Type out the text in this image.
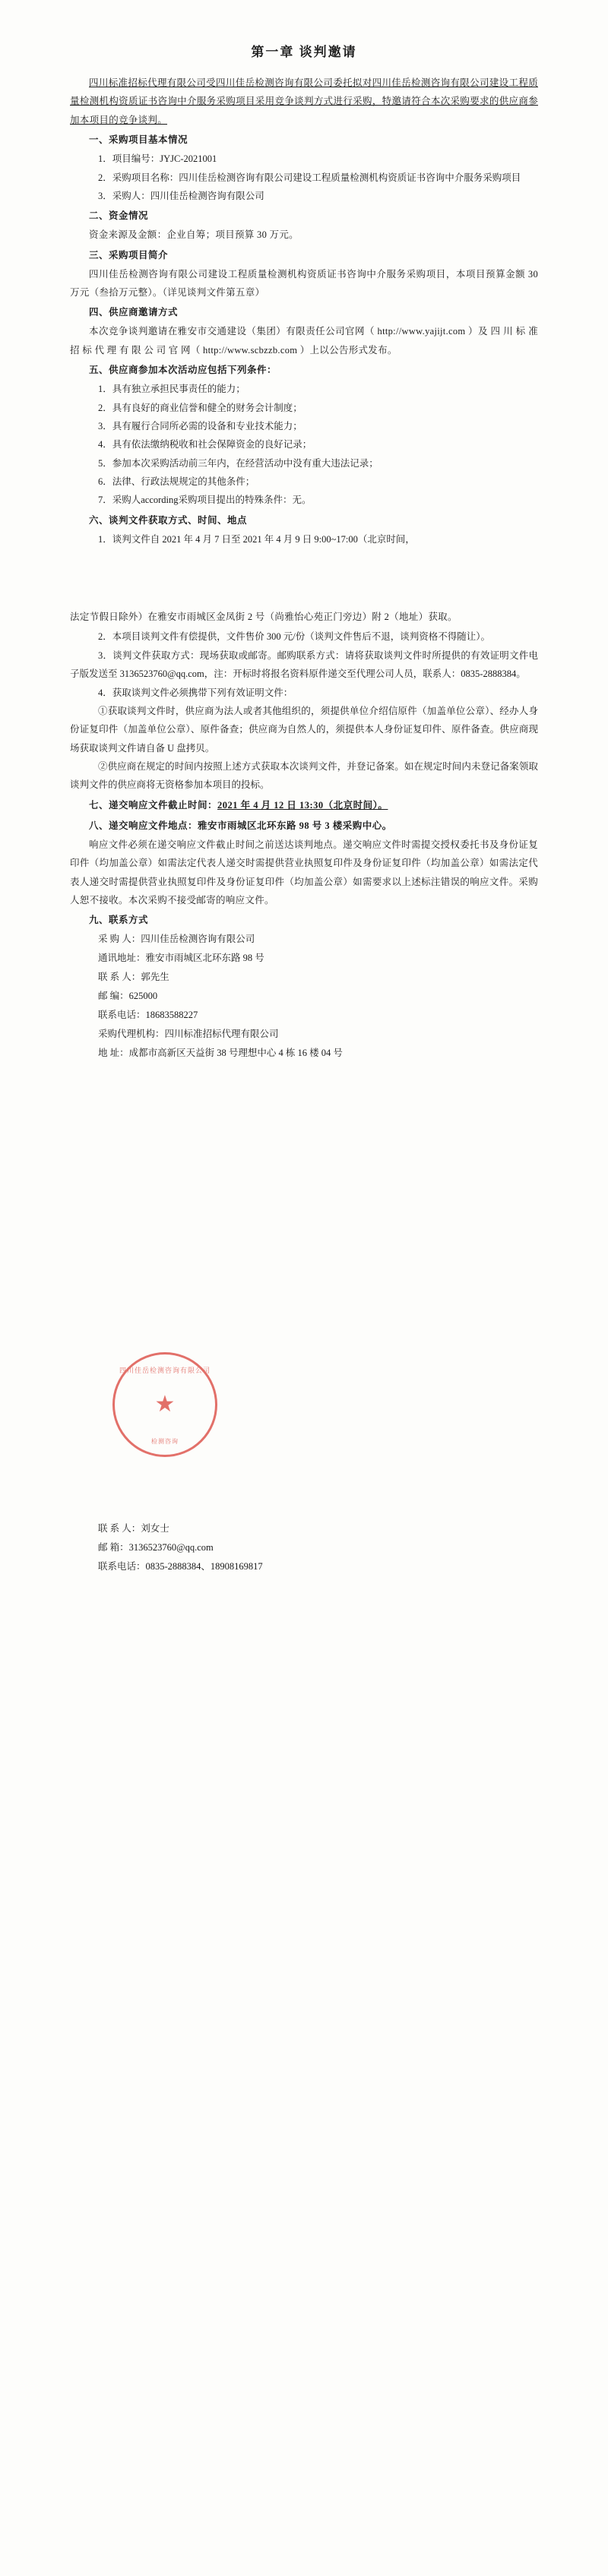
第一章 谈判邀请

四川标准招标代理有限公司受四川佳岳检测咨询有限公司委托拟对四川佳岳检测咨询有限公司建设工程质量检测机构资质证书咨询中介服务采购项目采用竞争谈判方式进行采购，特邀请符合本次采购要求的供应商参加本项目的竞争谈判。

一、采购项目基本情况

1．项目编号：JYJC-2021001

2．采购项目名称：四川佳岳检测咨询有限公司建设工程质量检测机构资质证书咨询中介服务采购项目

3．采购人：四川佳岳检测咨询有限公司

二、资金情况

资金来源及金额：企业自筹；项目预算 30 万元。

三、采购项目简介

四川佳岳检测咨询有限公司建设工程质量检测机构资质证书咨询中介服务采购项目，本项目预算金额 30 万元（叁拾万元整）。（详见谈判文件第五章）

四、供应商邀请方式

本次竞争谈判邀请在雅安市交通建设（集团）有限责任公司官网（ http://www.yajijt.com ）及 四 川 标 准 招 标 代 理 有 限 公 司 官 网（ http://www.scbzzb.com ）上以公告形式发布。

五、供应商参加本次活动应包括下列条件：

1．具有独立承担民事责任的能力；

2．具有良好的商业信誉和健全的财务会计制度；

3．具有履行合同所必需的设备和专业技术能力；

4．具有依法缴纳税收和社会保障资金的良好记录；

5．参加本次采购活动前三年内，在经营活动中没有重大违法记录；

6．法律、行政法规规定的其他条件；

7．采购人according采购项目提出的特殊条件：无。

六、谈判文件获取方式、时间、地点

1．谈判文件自 2021 年 4 月 7 日至 2021 年 4 月 9 日 9:00~17:00（北京时间，

法定节假日除外）在雅安市雨城区金凤街 2 号（尚雅怡心苑正门旁边）附 2（地址）获取。

2．本项目谈判文件有偿提供，文件售价 300 元/份（谈判文件售后不退，谈判资格不得随让）。

3．谈判文件获取方式：现场获取或邮寄。邮购联系方式：请将获取谈判文件时所提供的有效证明文件电子版发送至 3136523760@qq.com，注：开标时将报名资料原件递交至代理公司人员，联系人：0835-2888384。

4．获取谈判文件必须携带下列有效证明文件：

①获取谈判文件时，供应商为法人或者其他组织的，须提供单位介绍信原件（加盖单位公章）、经办人身份证复印件（加盖单位公章）、原件备查；供应商为自然人的，须提供本人身份证复印件、原件备查。供应商现场获取谈判文件请自备 U 盘拷贝。

②供应商在规定的时间内按照上述方式获取本次谈判文件，并登记备案。如在规定时间内未登记备案领取谈判文件的供应商将无资格参加本项目的投标。

七、递交响应文件截止时间：2021 年 4 月 12 日 13:30（北京时间）。
八、递交响应文件地点：雅安市雨城区北环东路 98 号 3 楼采购中心。

响应文件必须在递交响应文件截止时间之前送达谈判地点。递交响应文件时需提交授权委托书及身份证复印件（均加盖公章）如需法定代表人递交时需提供营业执照复印件及身份证复印件（均加盖公章）如需法定代表人递交时需提供营业执照复印件及身份证复印件（均加盖公章）如需要求以上述标注错误的响应文件。采购人恕不接收。本次采购不接受邮寄的响应文件。

九、联系方式

采 购 人：四川佳岳检测咨询有限公司

通讯地址：雅安市雨城区北环东路 98 号

联 系 人：郭先生

邮 编：625000

联系电话：18683588227

采购代理机构：四川标准招标代理有限公司

地 址：成都市高新区天益街 38 号理想中心 4 栋 16 楼 04 号

四川佳岳检测咨询有限公司
★
检测咨询

联 系 人：刘女士

邮 箱：3136523760@qq.com

联系电话：0835-2888384、18908169817
